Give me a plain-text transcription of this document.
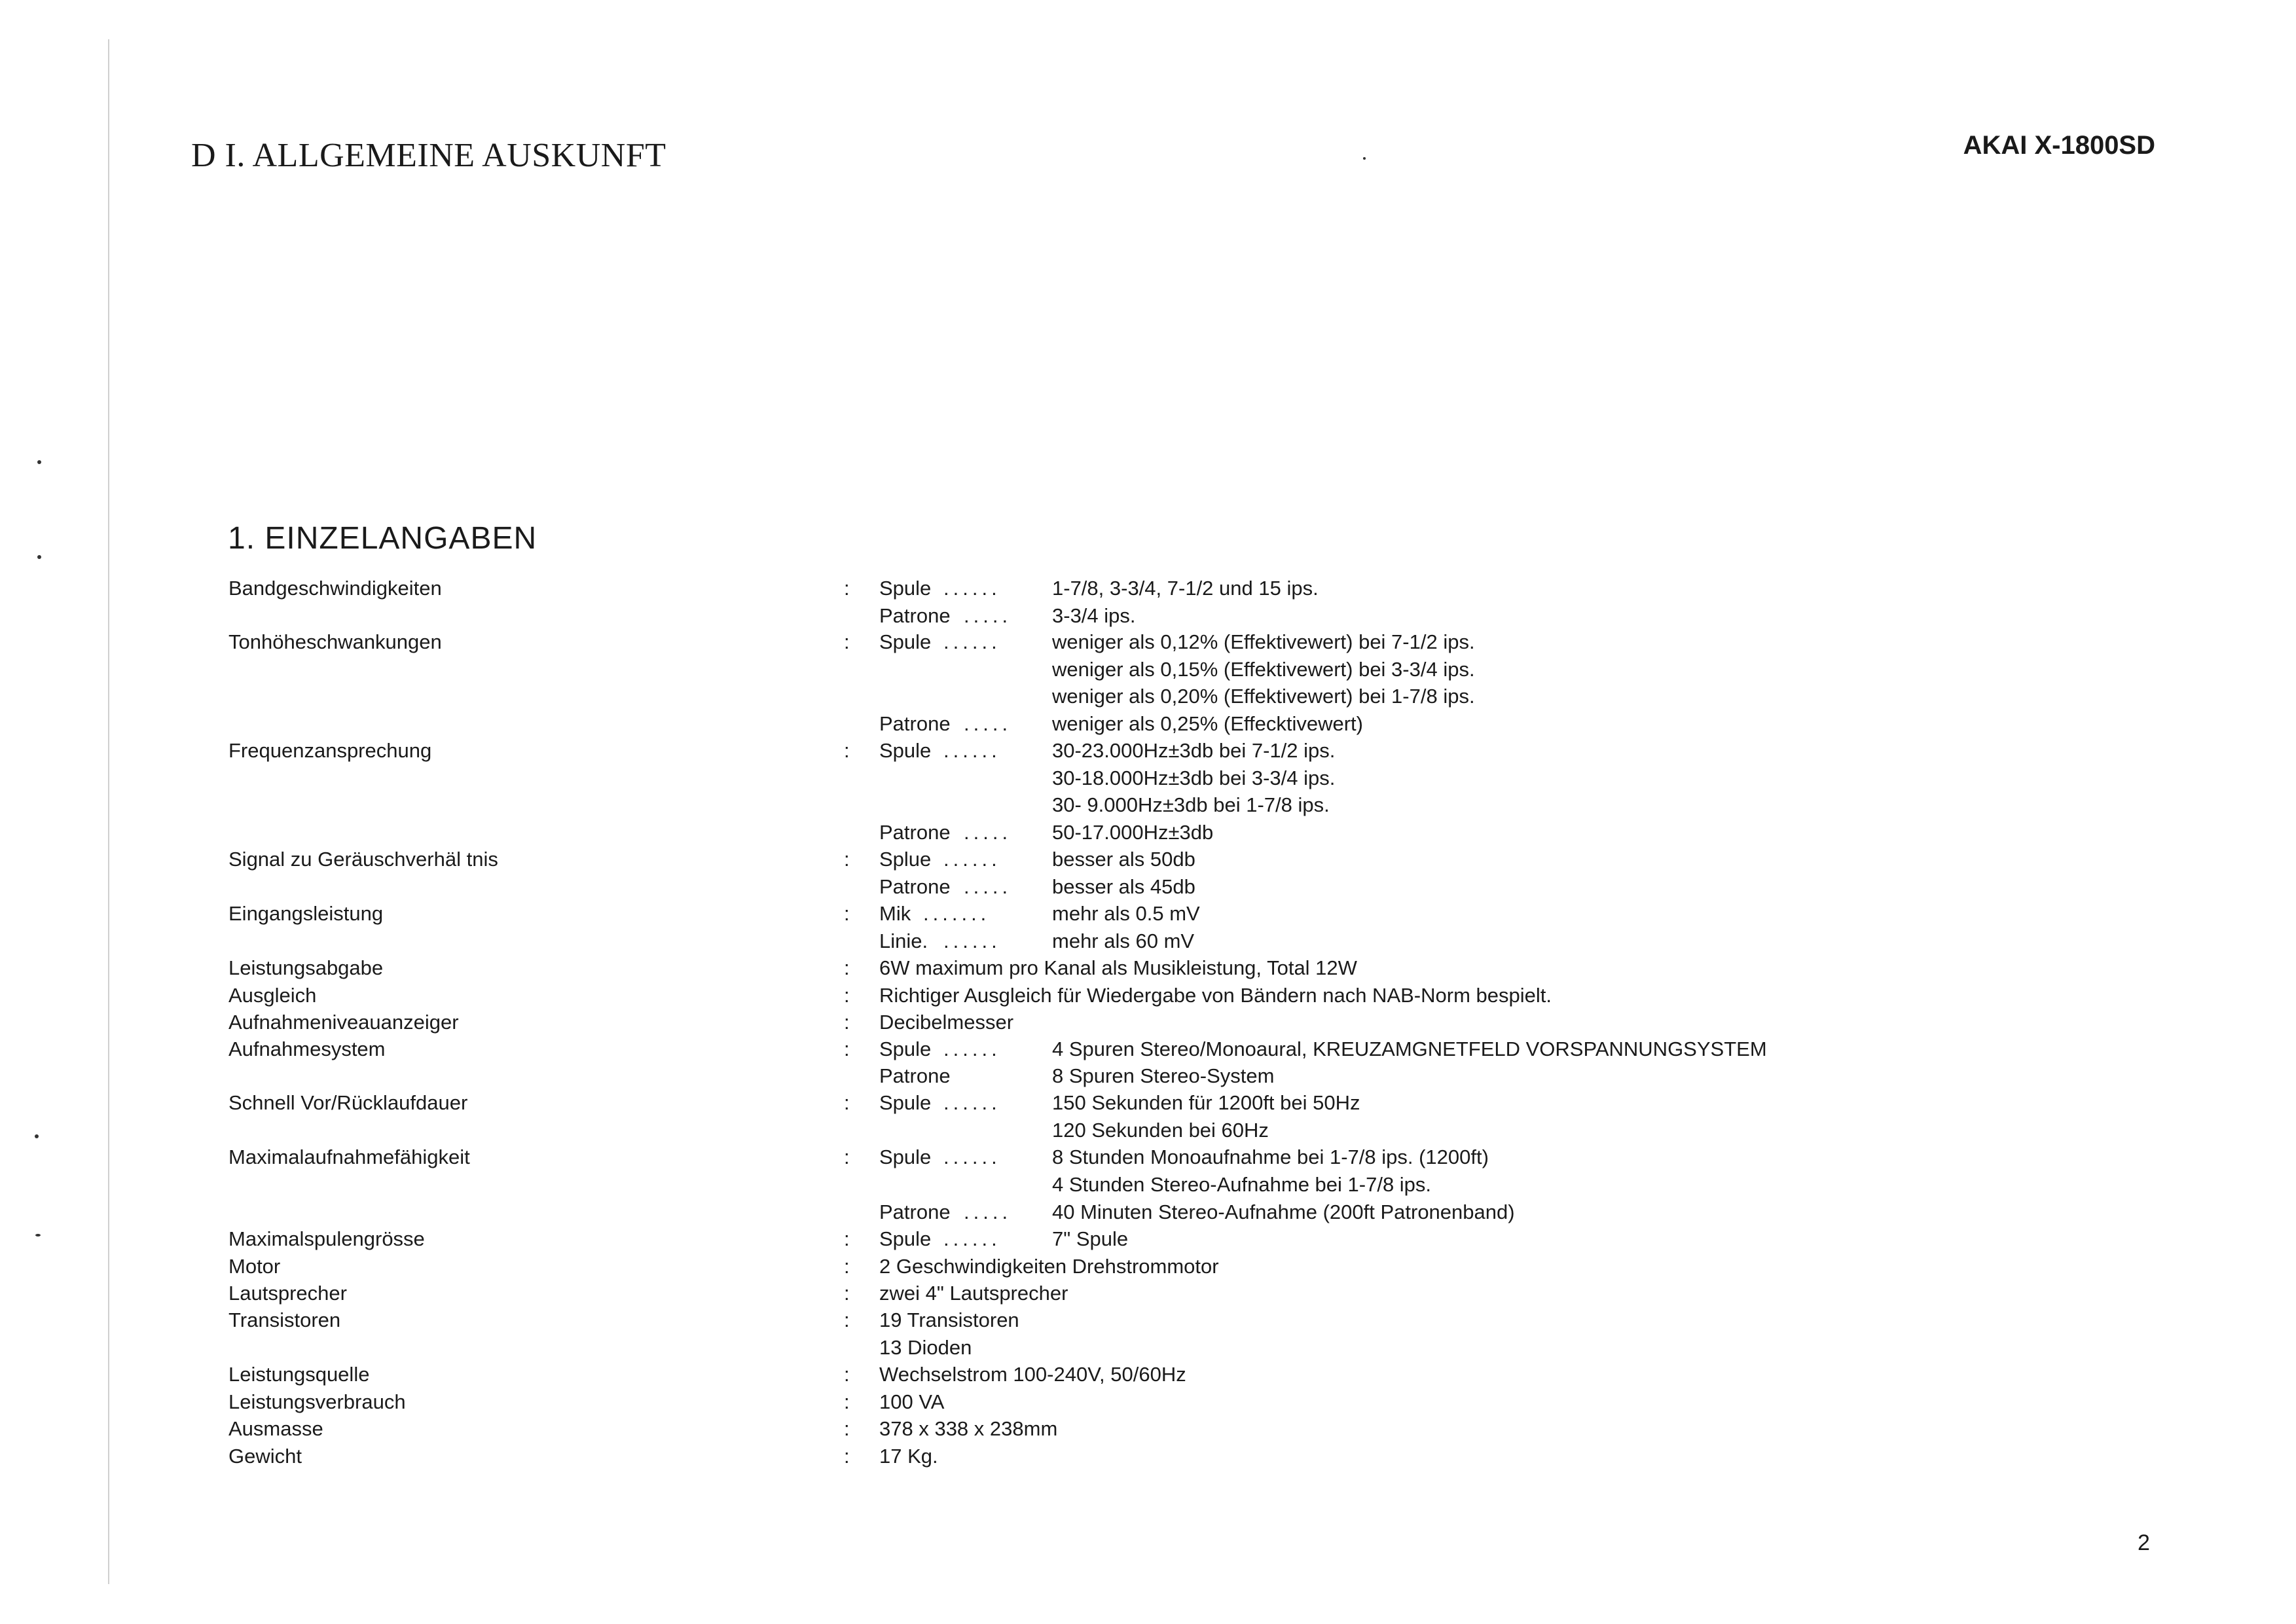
D I. ALLGEMEINE AUSKUNFT	AKAI X-1800SD
1. EINZELANGABEN
Bandgeschwindigkeiten	: Spule ......	1-7/8, 3-3/4, 7-1/2 und 15 ips.
Patrone ..... 3-3/4 ips.
Tonhöheschwankungen	: Spule ......	weniger als 0,12% (Effektivewert) bei 7-1/2 ips.
weniger als 0,15% (Effektivewert) bei 3-3/4 ips.
weniger als 0,20% (Effektivewert) bei 1-7/8 ips.
Patrone ..... weniger als 0,25% (Effecktivewert)
Frequenzansprechung	: Spule ......	30-23.000Hz±3db bei 7-1/2 ips.
30-18.000Hz±3db bei 3-3/4 ips.
30- 9.000Hz±3db bei 1-7/8 ips.
Patrone ..... 50-17.000Hz±3db
Signal zu Geräuschverhäl tnis	: Splue ......	besser als 50db
Patrone ..... besser als 45db
Eingangsleistung	: Mik .......	mehr als 0.5 mV
Linie. ......	mehr als 60 mV
Leistungsabgabe	: 6W maximum pro Kanal als Musikleistung, Total 12W
Ausgleich	: Richtiger Ausgleich für Wiedergabe von Bändern nach NAB-Norm bespielt.
Aufnahmeniveauanzeiger	: Decibelmesser
Aufnahmesystem	: Spule ......	4 Spuren Stereo/Monoaural, KREUZAMGNETFELD VORSPANNUNGSYSTEM
Patrone	8 Spuren Stereo-System
Schnell Vor/Rücklaufdauer	: Spule ......	150 Sekunden für 1200ft bei 50Hz
120 Sekunden bei 60Hz
Maximalaufnahmefähigkeit	: Spule ......	8 Stunden Monoaufnahme bei 1-7/8 ips. (1200ft)
4 Stunden Stereo-Aufnahme bei 1-7/8 ips.
Patrone ..... 40 Minuten Stereo-Aufnahme (200ft Patronenband)
Maximalspulengrösse	: Spule ......	7" Spule
Motor	: 2 Geschwindigkeiten Drehstrommotor
Lautsprecher	: zwei 4" Lautsprecher
Transistoren	: 19 Transistoren
13 Dioden
Leistungsquelle	: Wechselstrom 100-240V, 50/60Hz
Leistungsverbrauch	: 100 VA
Ausmasse	: 378 x 338 x 238mm
Gewicht	: 17 Kg.
2
